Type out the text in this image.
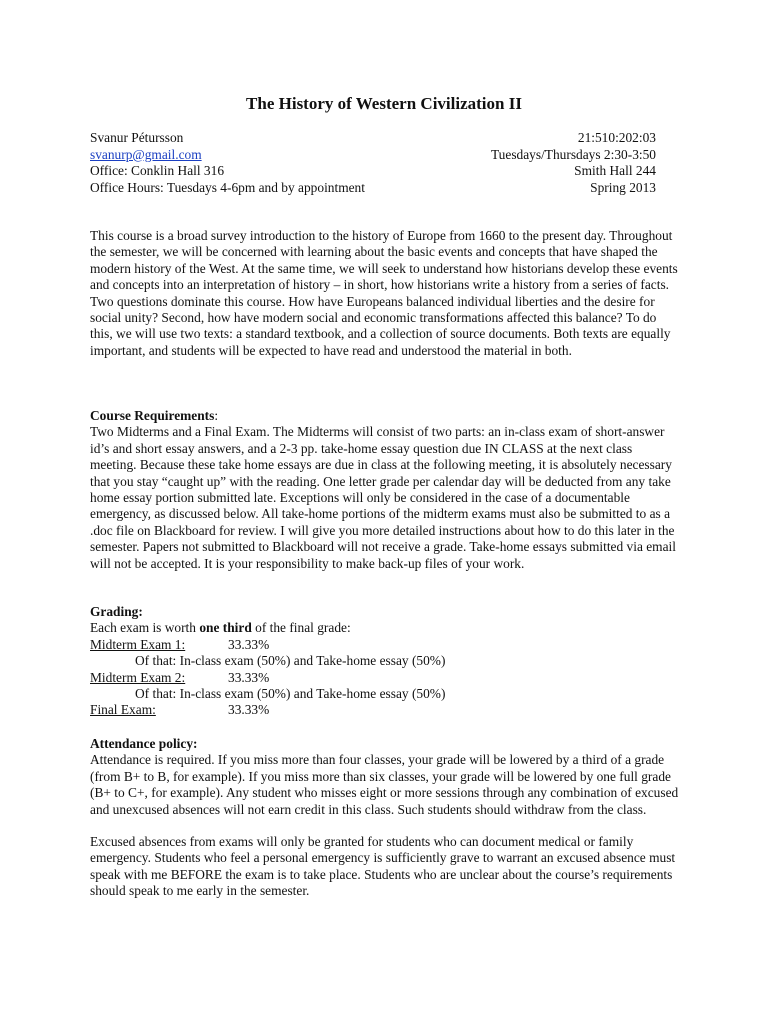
The History of Western Civilization II
Svanur Pétursson	21:510:202:03
svanurp@gmail.com	Tuesdays/Thursdays 2:30-3:50
Office: Conklin Hall 316	Smith Hall 244
Office Hours: Tuesdays 4-6pm and by appointment	Spring 2013

This course is a broad survey introduction to the history of Europe from 1660 to the present day. Throughout the semester, we will be concerned with learning about the basic events and concepts that have shaped the modern history of the West. At the same time, we will seek to understand how historians develop these events and concepts into an interpretation of history – in short, how historians write a history from a series of facts. Two questions dominate this course. How have Europeans balanced individual liberties and the desire for social unity? Second, how have modern social and economic transformations affected this balance? To do this, we will use two texts: a standard textbook, and a collection of source documents. Both texts are equally important, and students will be expected to have read and understood the material in both.

Course Requirements:

Two Midterms and a Final Exam. The Midterms will consist of two parts: an in-class exam of short-answer id’s and short essay answers, and a 2-3 pp. take-home essay question due IN CLASS at the next class meeting. Because these take home essays are due in class at the following meeting, it is absolutely necessary that you stay “caught up” with the reading. One letter grade per calendar day will be deducted from any take home essay portion submitted late. Exceptions will only be considered in the case of a documentable emergency, as discussed below. All take-home portions of the midterm exams must also be submitted to as a .doc file on Blackboard for review. I will give you more detailed instructions about how to do this later in the semester. Papers not submitted to Blackboard will not receive a grade. Take-home essays submitted via email will not be accepted. It is your responsibility to make back-up files of your work.

Grading:

Each exam is worth one third of the final grade:

Midterm Exam 1:	33.33%
Of that: In-class exam (50%) and Take-home essay (50%)
Midterm Exam 2:	33.33%
Of that: In-class exam (50%) and Take-home essay (50%)
Final Exam:	33.33%

Attendance policy:

Attendance is required. If you miss more than four classes, your grade will be lowered by a third of a grade (from B+ to B, for example). If you miss more than six classes, your grade will be lowered by one full grade (B+ to C+, for example). Any student who misses eight or more sessions through any combination of excused and unexcused absences will not earn credit in this class. Such students should withdraw from the class.

Excused absences from exams will only be granted for students who can document medical or family emergency. Students who feel a personal emergency is sufficiently grave to warrant an excused absence must speak with me BEFORE the exam is to take place. Students who are unclear about the course’s requirements should speak to me early in the semester.
